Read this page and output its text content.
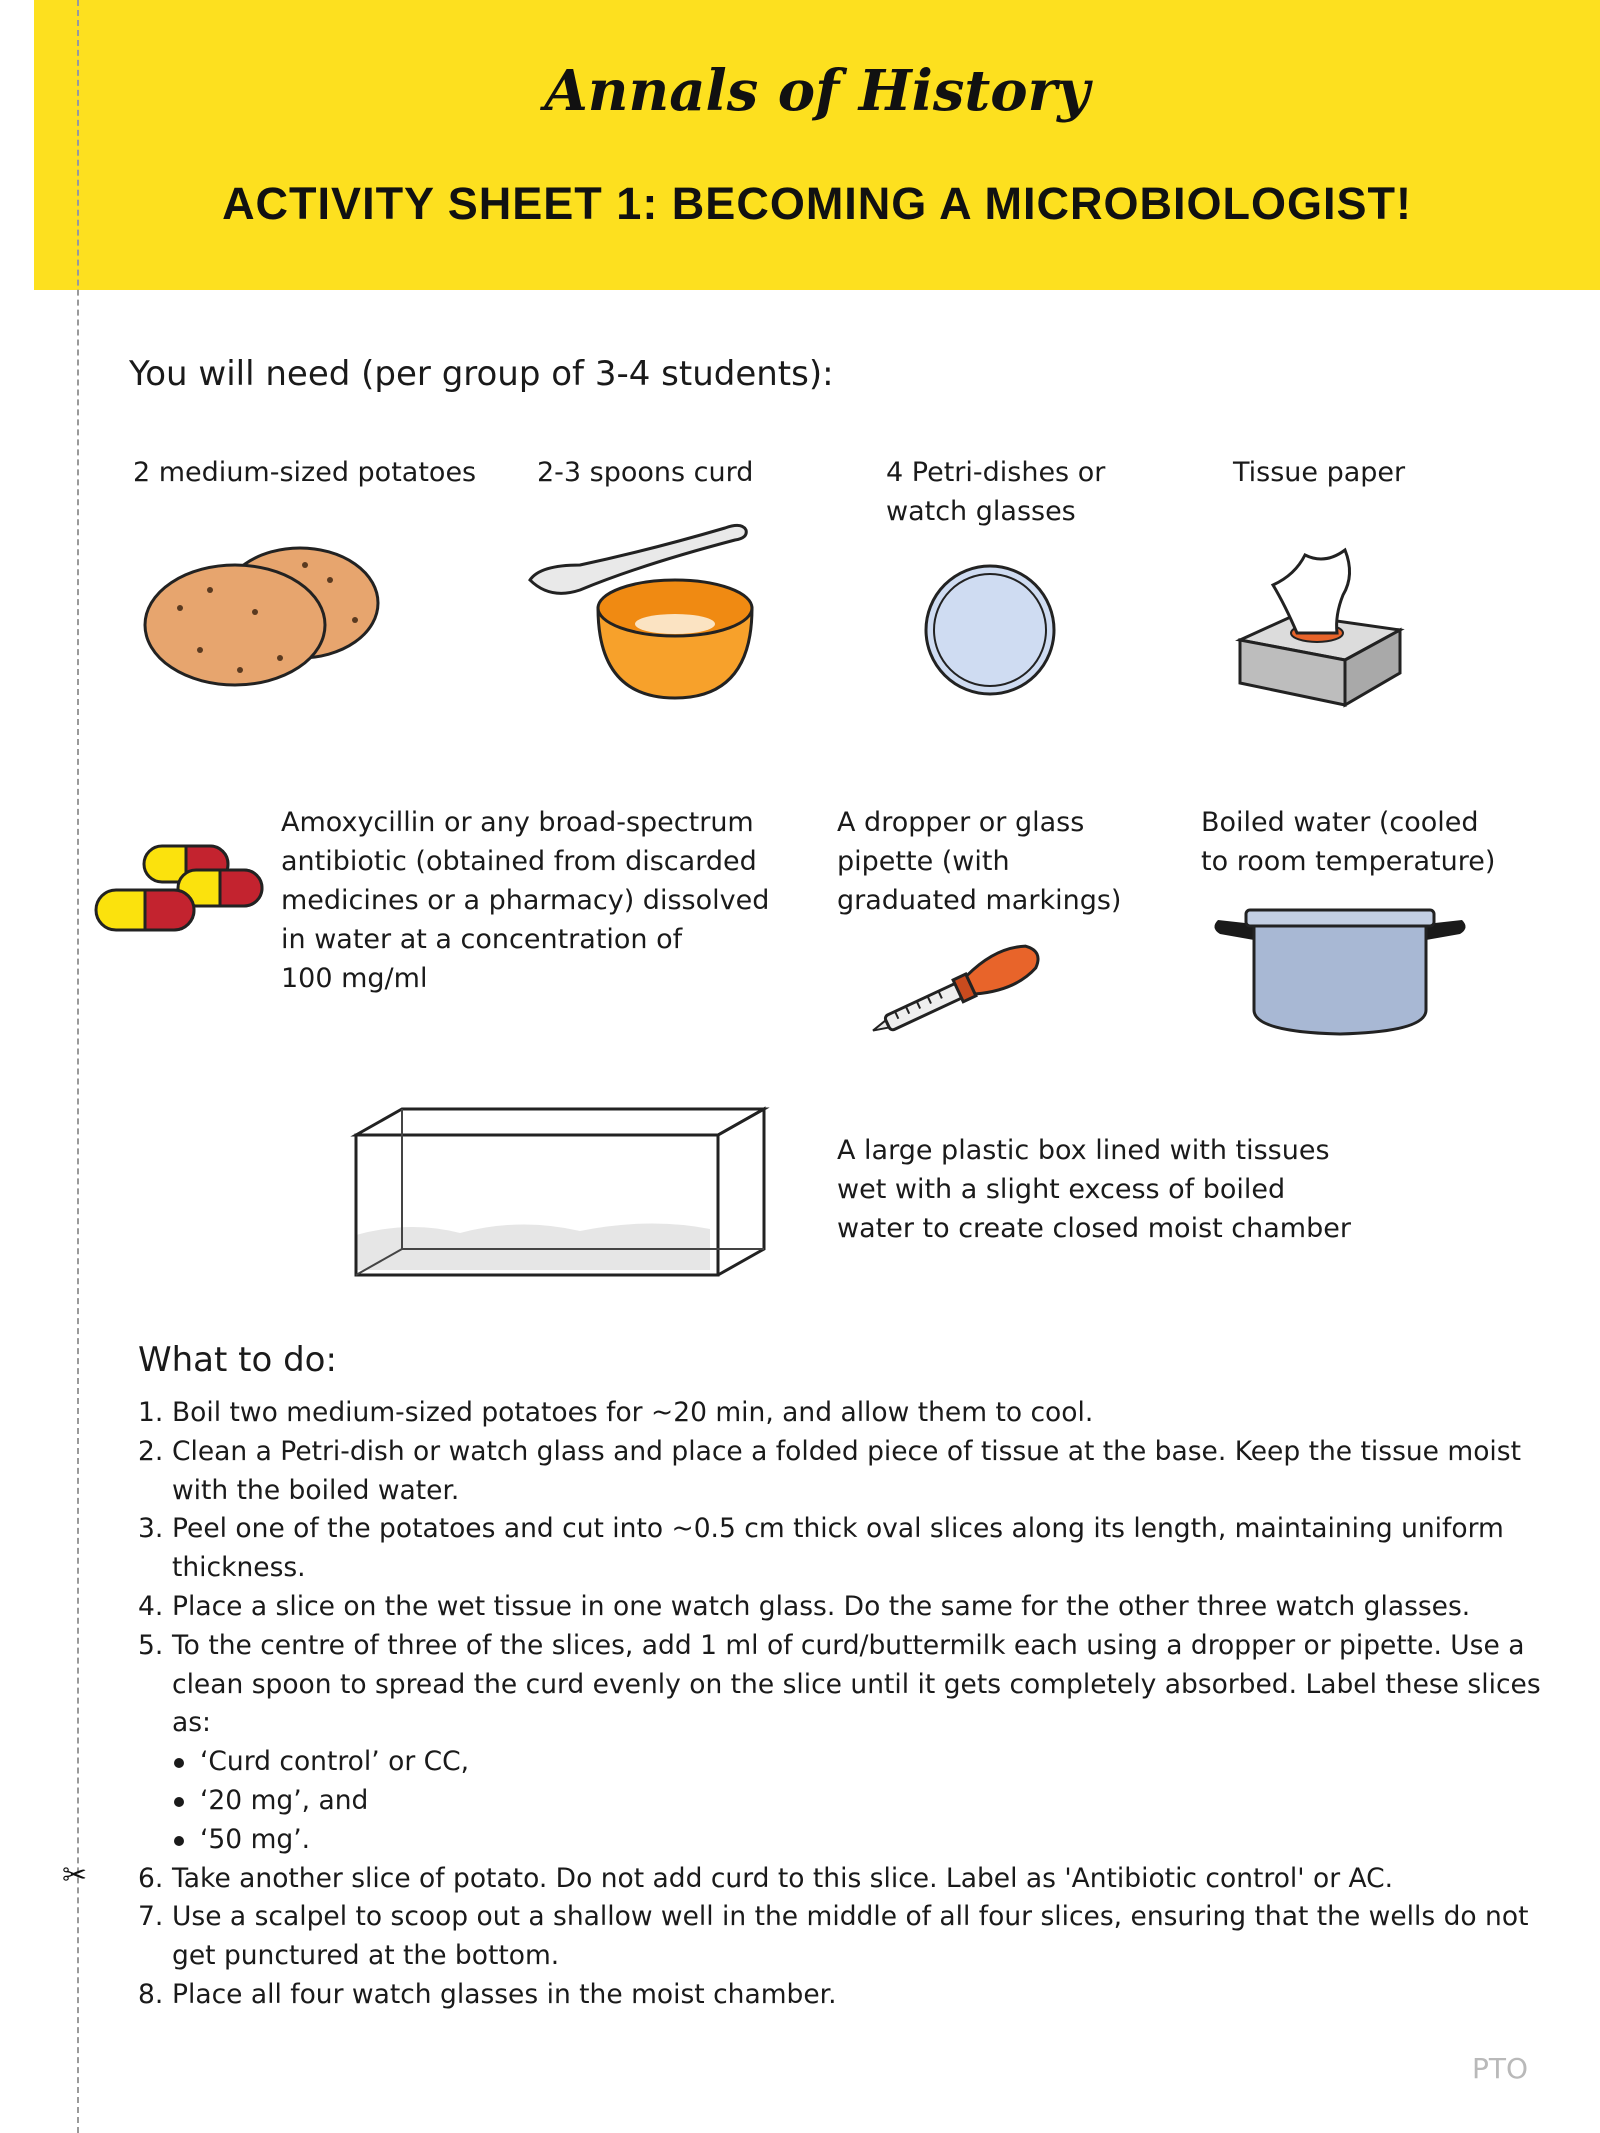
Annals of History
ACTIVITY SHEET 1: BECOMING A MICROBIOLOGIST!
✂
You will need (per group of 3-4 students):
2 medium-sized potatoes 2-3 spoons curd	4 Petri-dishes or
watch glasses
Tissue paper
Amoxycillin or any broad-spectrum
antibiotic (obtained from discarded
medicines or a pharmacy) dissolved
in water at a concentration of
100 mg/ml
A dropper or glass
pipette (with
graduated markings)
Boiled water (cooled
to room temperature)
A large plastic box lined with tissues
wet with a slight excess of boiled
water to create closed moist chamber
What to do:
1. Boil two medium-sized potatoes for ~20 min, and allow them to cool.
2. Clean a Petri-dish or watch glass and place a folded piece of tissue at the base. Keep the tissue moist with the boiled water.
3. Peel one of the potatoes and cut into ~0.5 cm thick oval slices along its length, maintaining uniform thickness.
4. Place a slice on the wet tissue in one watch glass. Do the same for the other three watch glasses.
5. To the centre of three of the slices, add 1 ml of curd/buttermilk each using a dropper or pipette. Use a clean spoon to spread the curd evenly on the slice until it gets completely absorbed. Label these slices as:
‘Curd control’ or CC,
‘20 mg’, and
‘50 mg’.
6. Take another slice of potato. Do not add curd to this slice. Label as 'Antibiotic control' or AC.
7. Use a scalpel to scoop out a shallow well in the middle of all four slices, ensuring that the wells do not get punctured at the bottom.
8. Place all four watch glasses in the moist chamber.
PTO
